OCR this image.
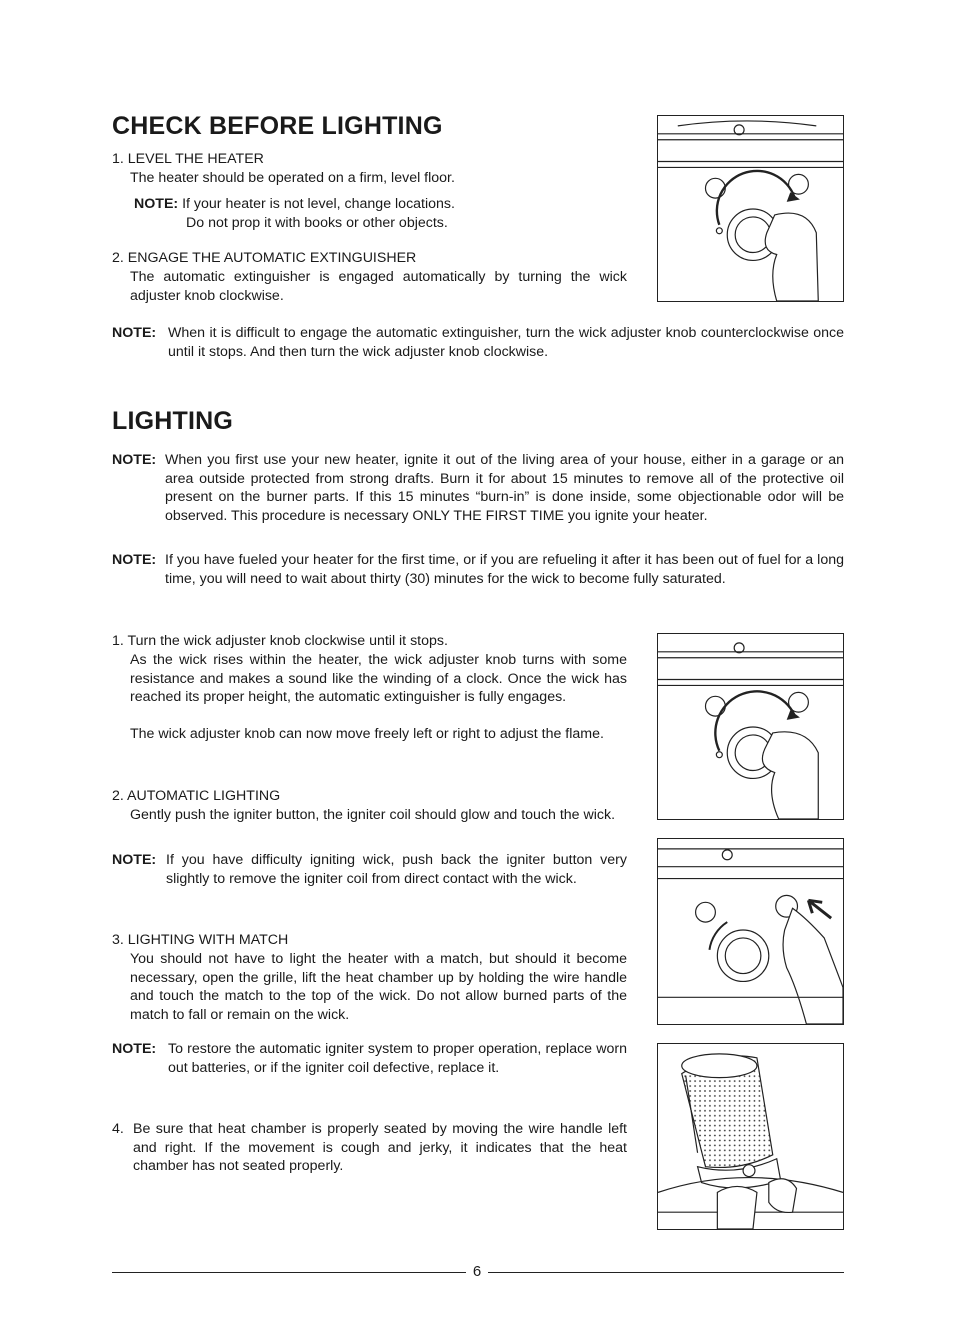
CHECK BEFORE LIGHTING
1. LEVEL THE HEATER
The heater should be operated on a firm, level floor.
NOTE: If your heater is not level, change locations.
Do not prop it with books or other objects.
2. ENGAGE THE AUTOMATIC EXTINGUISHER
The automatic extinguisher is engaged automatically by turning the wick adjuster knob clockwise.
NOTE: When it is difficult to engage the automatic extinguisher, turn the wick adjuster knob counterclockwise once until it stops. And then turn the wick adjuster knob clockwise.
LIGHTING
NOTE: When you first use your new heater, ignite it out of the living area of your house, either in a garage or an area outside protected from strong drafts. Burn it for about 15 minutes to remove all of the protective oil present on the burner parts. If this 15 minutes “burn-in” is done inside, some objectionable odor will be observed. This procedure is necessary ONLY THE FIRST TIME you ignite your heater.
NOTE: If you have fueled your heater for the first time, or if you are refueling it after it has been out of fuel for a long time, you will need to wait about thirty (30) minutes for the wick to become fully saturated.
1. Turn the wick adjuster knob clockwise until it stops.
As the wick rises within the heater, the wick adjuster knob turns with some resistance and makes a sound like the winding of a clock. Once the wick has reached its proper height, the automatic extinguisher is fully engages.
The wick adjuster knob can now move freely left or right to adjust the flame.
2. AUTOMATIC LIGHTING
Gently push the igniter button, the igniter coil should glow and touch the wick.
NOTE: If you have difficulty igniting wick, push back the igniter button very slightly to remove the igniter coil from direct contact with the wick.
3. LIGHTING WITH MATCH
You should not have to light the heater with a match, but should it become necessary, open the grille, lift the heat chamber up by holding the wire handle and touch the match to the top of the wick. Do not allow burned parts of the match to fall or remain on the wick.
NOTE: To restore the automatic igniter system to proper operation, replace worn out batteries, or if the igniter coil defective, replace it.
4. Be sure that heat chamber is properly seated by moving the wire handle left and right. If the movement is cough and jerky, it indicates that the heat chamber has not seated properly.
6
